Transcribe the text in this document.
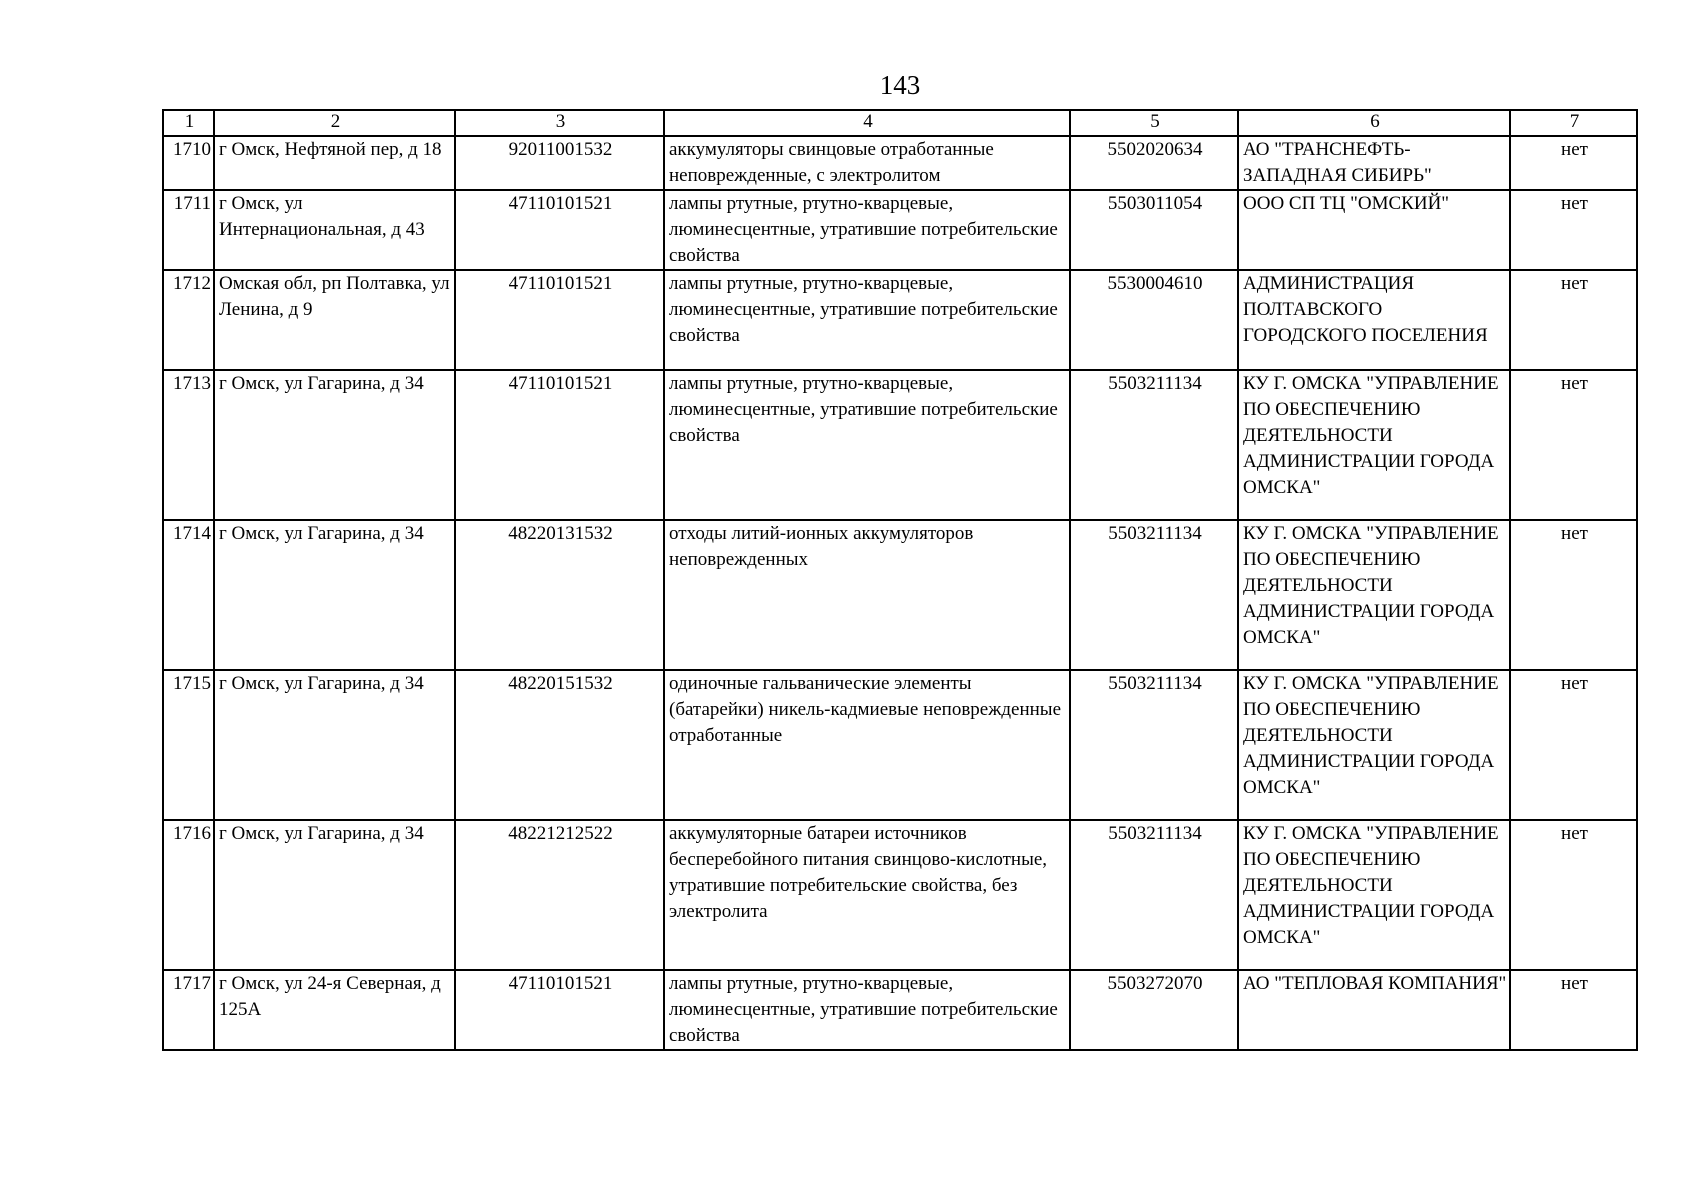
143
1	2	3	4	5	6	7
1710	г Омск, Нефтяной пер, д 18	92011001532	аккумуляторы свинцовые отработанные неповрежденные, с электролитом	5502020634	АО "ТРАНСНЕФТЬ-ЗАПАДНАЯ СИБИРЬ"	нет
1711	г Омск, ул Интернациональная, д 43	47110101521	лампы ртутные, ртутно-кварцевые, люминесцентные, утратившие потребительские свойства	5503011054	ООО СП ТЦ "ОМСКИЙ"	нет
1712	Омская обл, рп Полтавка, ул Ленина, д 9	47110101521	лампы ртутные, ртутно-кварцевые, люминесцентные, утратившие потребительские свойства	5530004610	АДМИНИСТРАЦИЯ ПОЛТАВСКОГО ГОРОДСКОГО ПОСЕЛЕНИЯ	нет
1713	г Омск, ул Гагарина, д 34	47110101521	лампы ртутные, ртутно-кварцевые, люминесцентные, утратившие потребительские свойства	5503211134	КУ Г. ОМСКА "УПРАВЛЕНИЕ ПО ОБЕСПЕЧЕНИЮ ДЕЯТЕЛЬНОСТИ АДМИНИСТРАЦИИ ГОРОДА ОМСКА"	нет
1714	г Омск, ул Гагарина, д 34	48220131532	отходы литий-ионных аккумуляторов неповрежденных	5503211134	КУ Г. ОМСКА "УПРАВЛЕНИЕ ПО ОБЕСПЕЧЕНИЮ ДЕЯТЕЛЬНОСТИ АДМИНИСТРАЦИИ ГОРОДА ОМСКА"	нет
1715	г Омск, ул Гагарина, д 34	48220151532	одиночные гальванические элементы (батарейки) никель-кадмиевые неповрежденные отработанные	5503211134	КУ Г. ОМСКА "УПРАВЛЕНИЕ ПО ОБЕСПЕЧЕНИЮ ДЕЯТЕЛЬНОСТИ АДМИНИСТРАЦИИ ГОРОДА ОМСКА"	нет
1716	г Омск, ул Гагарина, д 34	48221212522	аккумуляторные батареи источников бесперебойного питания свинцово-кислотные, утратившие потребительские свойства, без электролита	5503211134	КУ Г. ОМСКА "УПРАВЛЕНИЕ ПО ОБЕСПЕЧЕНИЮ ДЕЯТЕЛЬНОСТИ АДМИНИСТРАЦИИ ГОРОДА ОМСКА"	нет
1717	г Омск, ул 24-я Северная, д 125А	47110101521	лампы ртутные, ртутно-кварцевые, люминесцентные, утратившие потребительские свойства	5503272070	АО "ТЕПЛОВАЯ КОМПАНИЯ"	нет
